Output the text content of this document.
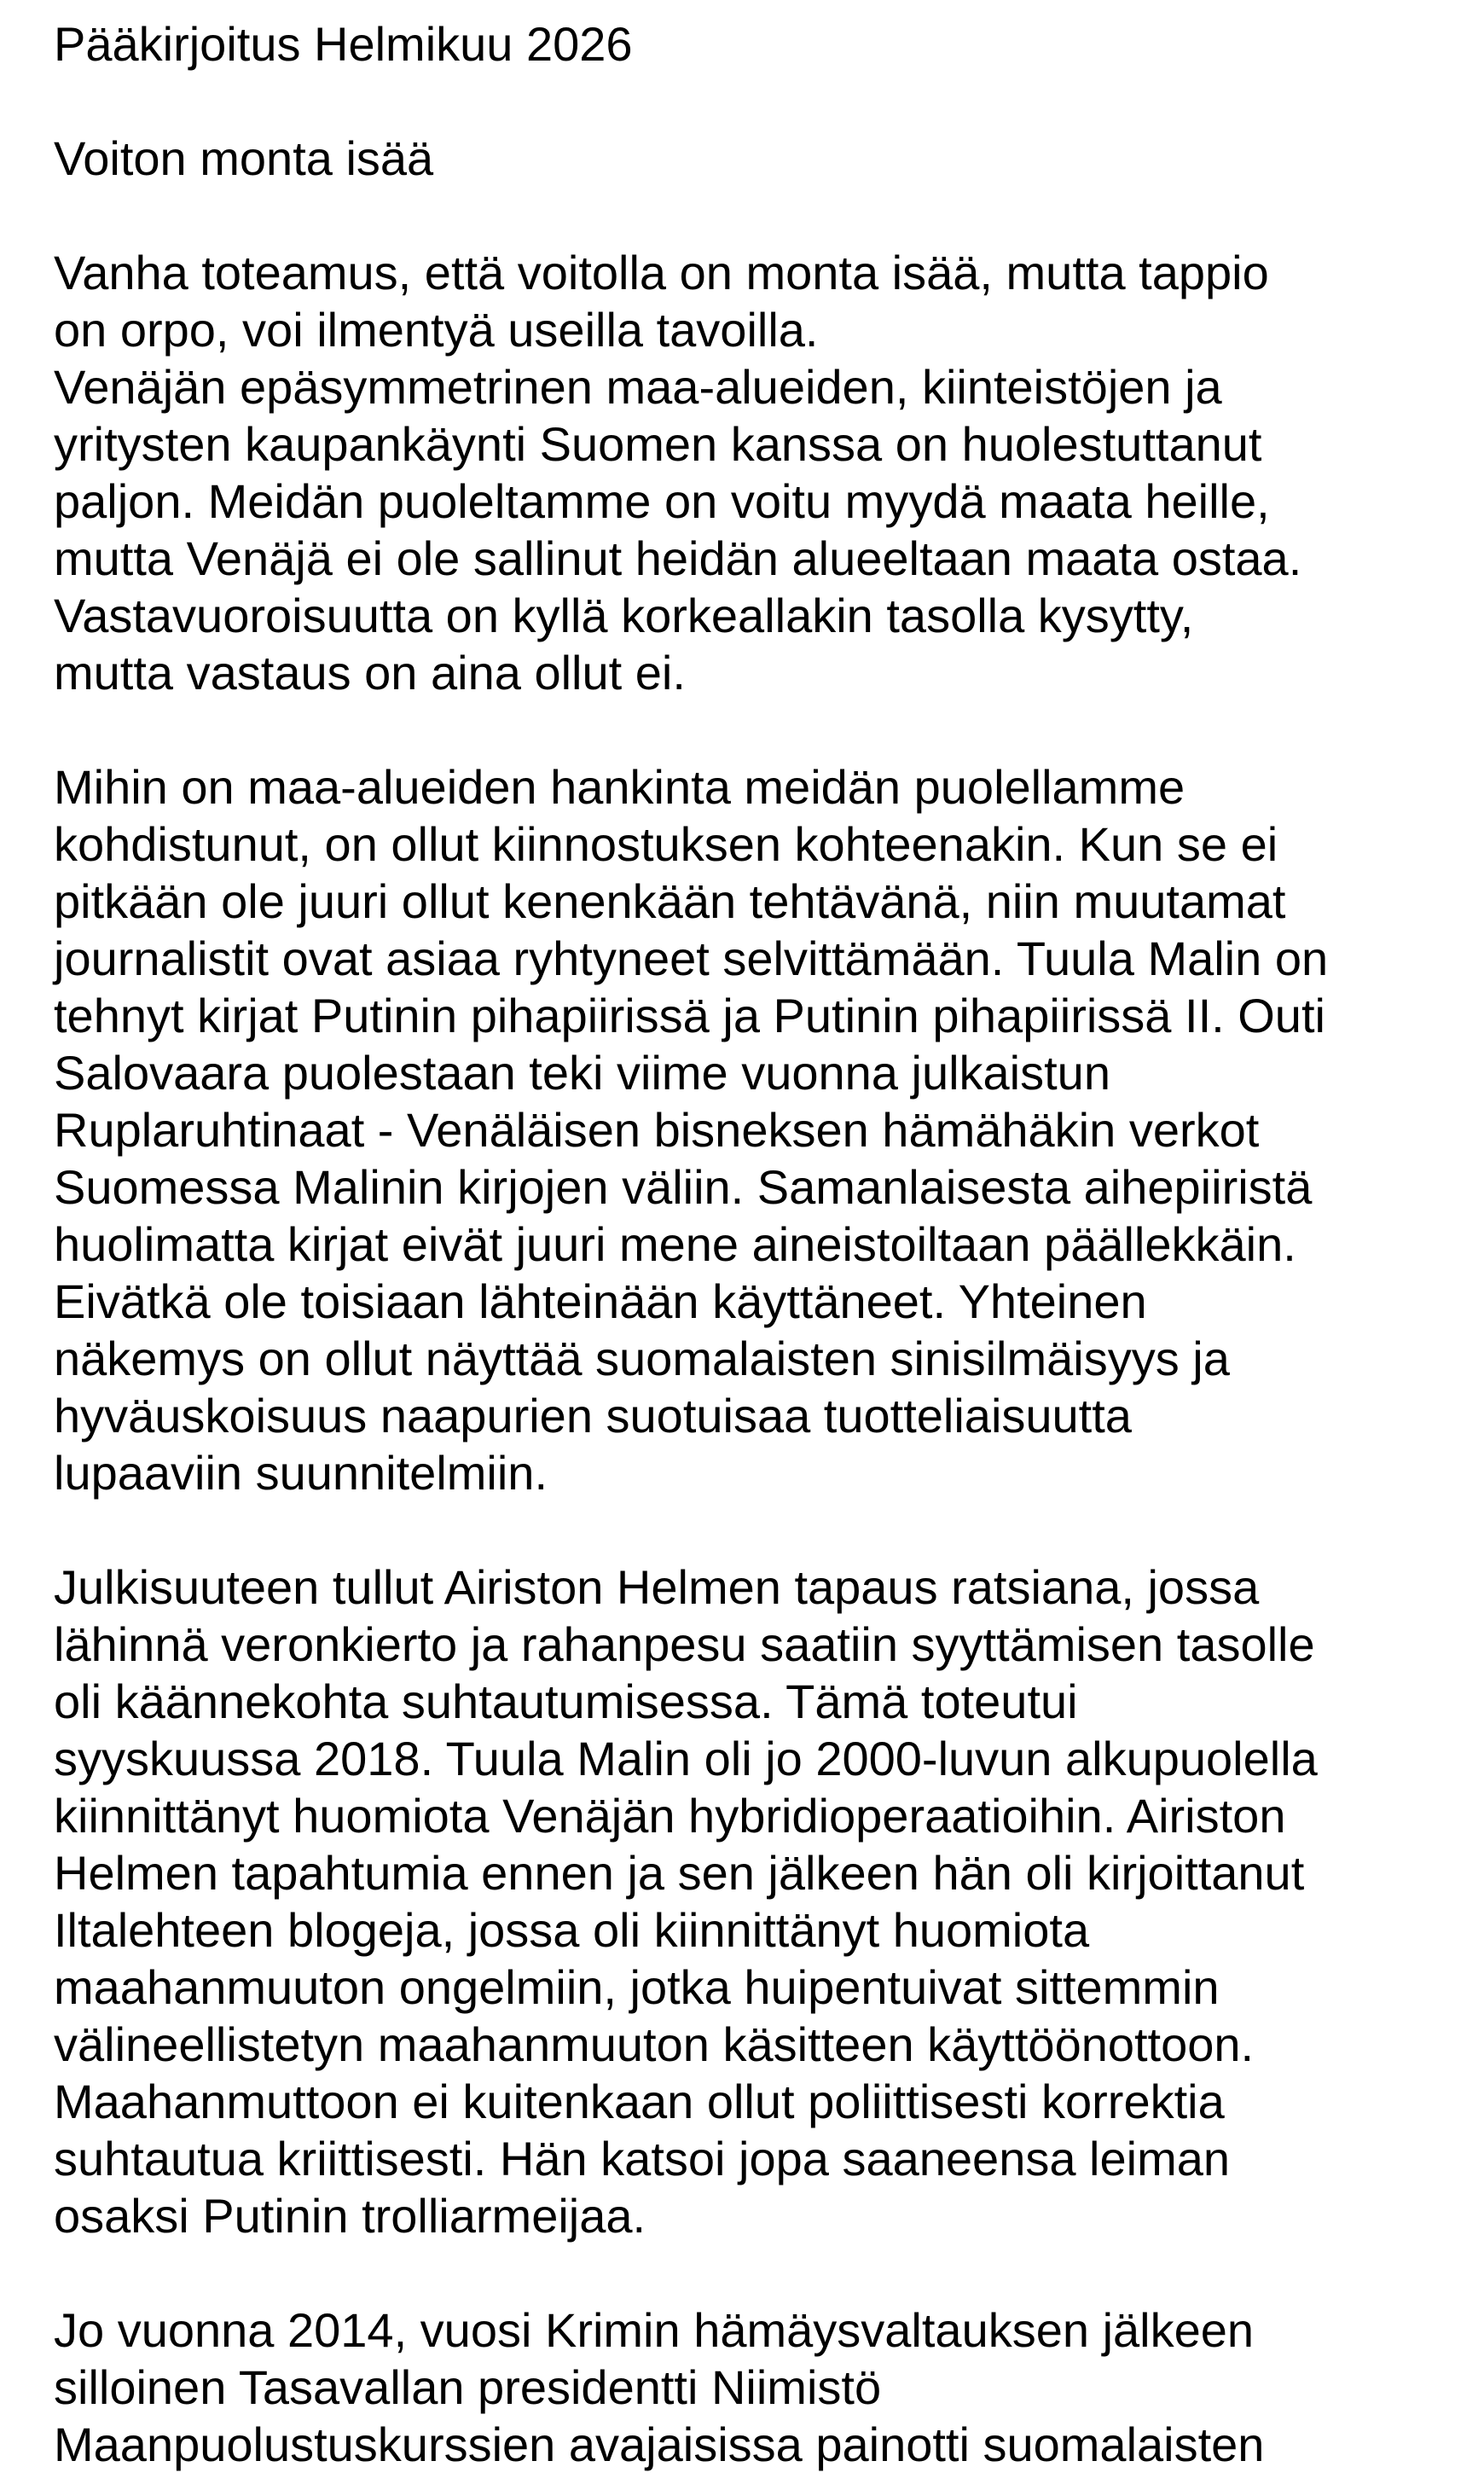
Pääkirjoitus Helmikuu 2026
Voiton monta isää
Vanha toteamus, että voitolla on monta isää, mutta tappio
on orpo, voi ilmentyä useilla tavoilla.
Venäjän epäsymmetrinen maa-alueiden, kiinteistöjen ja
yritysten kaupankäynti Suomen kanssa on huolestuttanut
paljon. Meidän puoleltamme on voitu myydä maata heille,
mutta Venäjä ei ole sallinut heidän alueeltaan maata ostaa.
Vastavuoroisuutta on kyllä korkeallakin tasolla kysytty,
mutta vastaus on aina ollut ei.
Mihin on maa-alueiden hankinta meidän puolellamme
kohdistunut, on ollut kiinnostuksen kohteenakin. Kun se ei
pitkään ole juuri ollut kenenkään tehtävänä, niin muutamat
journalistit ovat asiaa ryhtyneet selvittämään. Tuula Malin on
tehnyt kirjat Putinin pihapiirissä ja Putinin pihapiirissä II. Outi
Salovaara puolestaan teki viime vuonna julkaistun
Ruplaruhtinaat - Venäläisen bisneksen hämähäkin verkot
Suomessa Malinin kirjojen väliin. Samanlaisesta aihepiiristä
huolimatta kirjat eivät juuri mene aineistoiltaan päällekkäin.
Eivätkä ole toisiaan lähteinään käyttäneet. Yhteinen
näkemys on ollut näyttää suomalaisten sinisilmäisyys ja
hyväuskoisuus naapurien suotuisaa tuotteliaisuutta
lupaaviin suunnitelmiin.
Julkisuuteen tullut Airiston Helmen tapaus ratsiana, jossa
lähinnä veronkierto ja rahanpesu saatiin syyttämisen tasolle
oli käännekohta suhtautumisessa. Tämä toteutui
syyskuussa 2018. Tuula Malin oli jo 2000-luvun alkupuolella
kiinnittänyt huomiota Venäjän hybridioperaatioihin. Airiston
Helmen tapahtumia ennen ja sen jälkeen hän oli kirjoittanut
Iltalehteen blogeja, jossa oli kiinnittänyt huomiota
maahanmuuton ongelmiin, jotka huipentuivat sittemmin
välineellistetyn maahanmuuton käsitteen käyttöönottoon.
Maahanmuttoon ei kuitenkaan ollut poliittisesti korrektia
suhtautua kriittisesti. Hän katsoi jopa saaneensa leiman
osaksi Putinin trolliarmeijaa.
Jo vuonna 2014, vuosi Krimin hämäysvaltauksen jälkeen
silloinen Tasavallan presidentti Niimistö
Maanpuolustuskurssien avajaisissa painotti suomalaisten
